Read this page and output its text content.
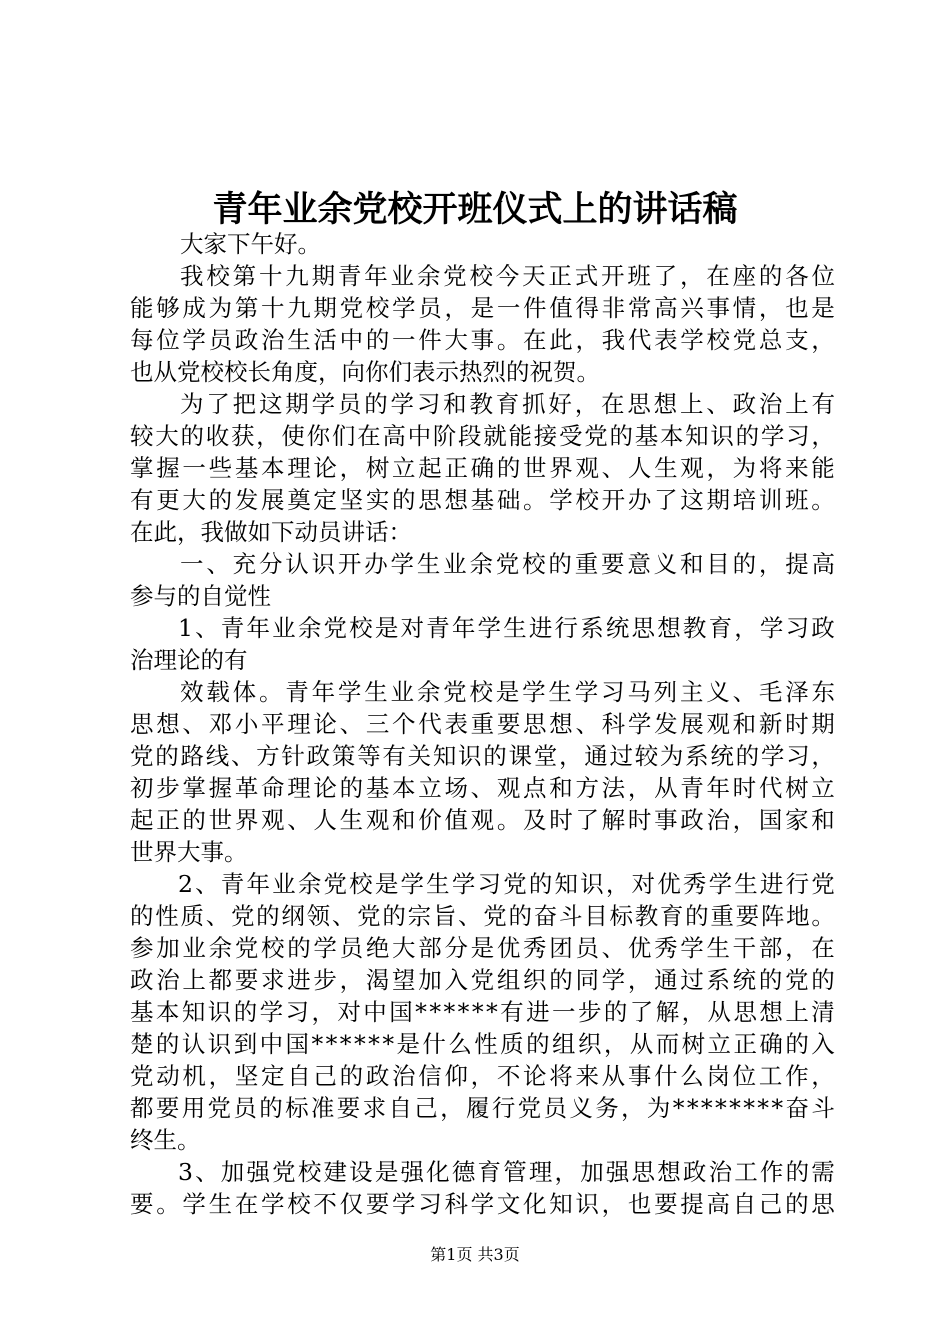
青年业余党校开班仪式上的讲话稿
大家下午好。
我 校 第 十 九 期 青 年 业 余 党 校 今 天 正 式 开 班 了 ， 在 座 的 各 位
能 够 成 为 第 十 九 期 党 校 学 员 ， 是 一 件 值 得 非 常 高 兴 事 情 ， 也 是
每 位 学 员 政 治 生 活 中 的 一 件 大 事 。 在 此 ， 我 代 表 学 校 党 总 支 ，
也从党校校长角度，向你们表示热烈的祝贺。
为 了 把 这 期 学 员 的 学 习 和 教 育 抓 好 ， 在 思 想 上 、 政 治 上 有
较 大 的 收 获 ， 使 你 们 在 高 中 阶 段 就 能 接 受 党 的 基 本 知 识 的 学 习 ，
掌 握 一 些 基 本 理 论 ， 树 立 起 正 确 的 世 界 观 、 人 生 观 ， 为 将 来 能
有 更 大 的 发 展 奠 定 坚 实 的 思 想 基 础 。 学 校 开 办 了 这 期 培 训 班 。
在此，我做如下动员讲话：
一 、 充 分 认 识 开 办 学 生 业 余 党 校 的 重 要 意 义 和 目 的 ， 提 高
参与的自觉性
1 、 青 年 业 余 党 校 是 对 青 年 学 生 进 行 系 统 思 想 教 育 ， 学 习 政
治理论的有
效 载 体 。 青 年 学 生 业 余 党 校 是 学 生 学 习 马 列 主 义 、 毛 泽 东
思 想 、 邓 小 平 理 论 、 三 个 代 表 重 要 思 想 、 科 学 发 展 观 和 新 时 期
党 的 路 线 、 方 针 政 策 等 有 关 知 识 的 课 堂 ， 通 过 较 为 系 统 的 学 习 ，
初 步 掌 握 革 命 理 论 的 基 本 立 场 、 观 点 和 方 法 ， 从 青 年 时 代 树 立
起 正 的 世 界 观 、 人 生 观 和 价 值 观 。 及 时 了 解 时 事 政 治 ， 国 家 和
世界大事。
2 、 青 年 业 余 党 校 是 学 生 学 习 党 的 知 识 ， 对 优 秀 学 生 进 行 党
的 性 质 、 党 的 纲 领 、 党 的 宗 旨 、 党 的 奋 斗 目 标 教 育 的 重 要 阵 地 。
参 加 业 余 党 校 的 学 员 绝 大 部 分 是 优 秀 团 员 、 优 秀 学 生 干 部 ， 在
政 治 上 都 要 求 进 步 ， 渴 望 加 入 党 组 织 的 同 学 ， 通 过 系 统 的 党 的
基 本 知 识 的 学 习 ， 对 中 国 * * * * * * 有 进 一 步 的 了 解 ， 从 思 想 上 清
楚 的 认 识 到 中 国 * * * * * * 是 什 么 性 质 的 组 织 ， 从 而 树 立 正 确 的 入
党 动 机 ， 坚 定 自 己 的 政 治 信 仰 ， 不 论 将 来 从 事 什 么 岗 位 工 作 ，
都 要 用 党 员 的 标 准 要 求 自 己 ， 履 行 党 员 义 务 ， 为 * * * * * * * * 奋 斗
终生。
3 、 加 强 党 校 建 设 是 强 化 德 育 管 理 ， 加 强 思 想 政 治 工 作 的 需
要 。 学 生 在 学 校 不 仅 要 学 习 科 学 文 化 知 识 ， 也 要 提 高 自 己 的 思
第1页 共3页
